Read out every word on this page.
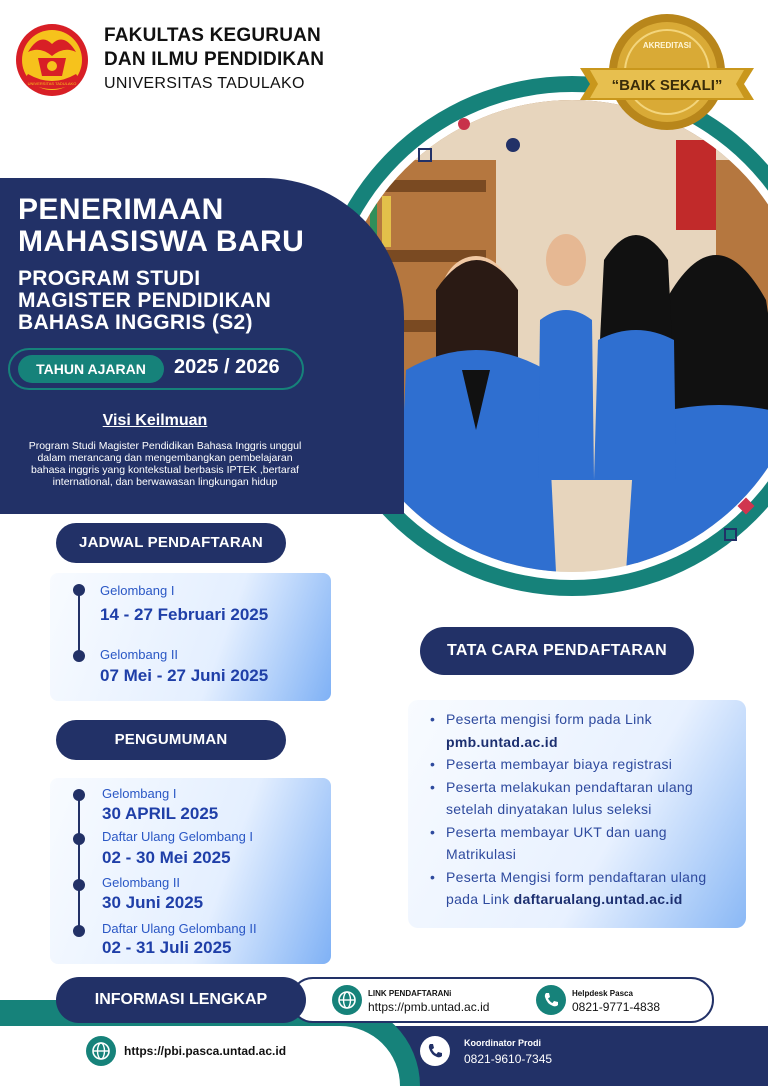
UNIVERSITAS TADULAKO
FAKULTAS KEGURUAN
DAN ILMU PENDIDIKAN
UNIVERSITAS TADULAKO
AKREDITASI
“BAIK SEKALI”
PENERIMAAN
MAHASISWA BARU
PROGRAM STUDI
MAGISTER PENDIDIKAN
BAHASA INGGRIS (S2)
TAHUN AJARAN	2025 / 2026
Visi Keilmuan
Program Studi Magister Pendidikan Bahasa Inggris unggul dalam merancang dan mengembangkan pembelajaran bahasa inggris yang kontekstual berbasis IPTEK ,bertaraf international, dan berwawasan lingkungan hidup
JADWAL PENDAFTARAN
Gelombang I
14 - 27 Februari 2025
Gelombang II
07 Mei - 27 Juni 2025
PENGUMUMAN
Gelombang I
30 APRIL 2025
Daftar Ulang Gelombang I
02 - 30 Mei 2025
Gelombang II
30 Juni 2025
Daftar Ulang Gelombang II
02 - 31 Juli 2025
TATA CARA PENDAFTARAN
• Peserta mengisi form pada Link
pmb.untad.ac.id
• Peserta membayar biaya registrasi
• Peserta melakukan pendaftaran ulang setelah dinyatakan lulus seleksi
• Peserta membayar UKT dan uang Matrikulasi
• Peserta Mengisi form pendaftaran ulang pada Link daftarualang.untad.ac.id
INFORMASI LENGKAP	LINK PENDAFTARANi
https://pmb.untad.ac.id
Helpdesk Pasca
0821-9771-4838
https://pbi.pasca.untad.ac.id
Koordinator Prodi
0821-9610-7345
